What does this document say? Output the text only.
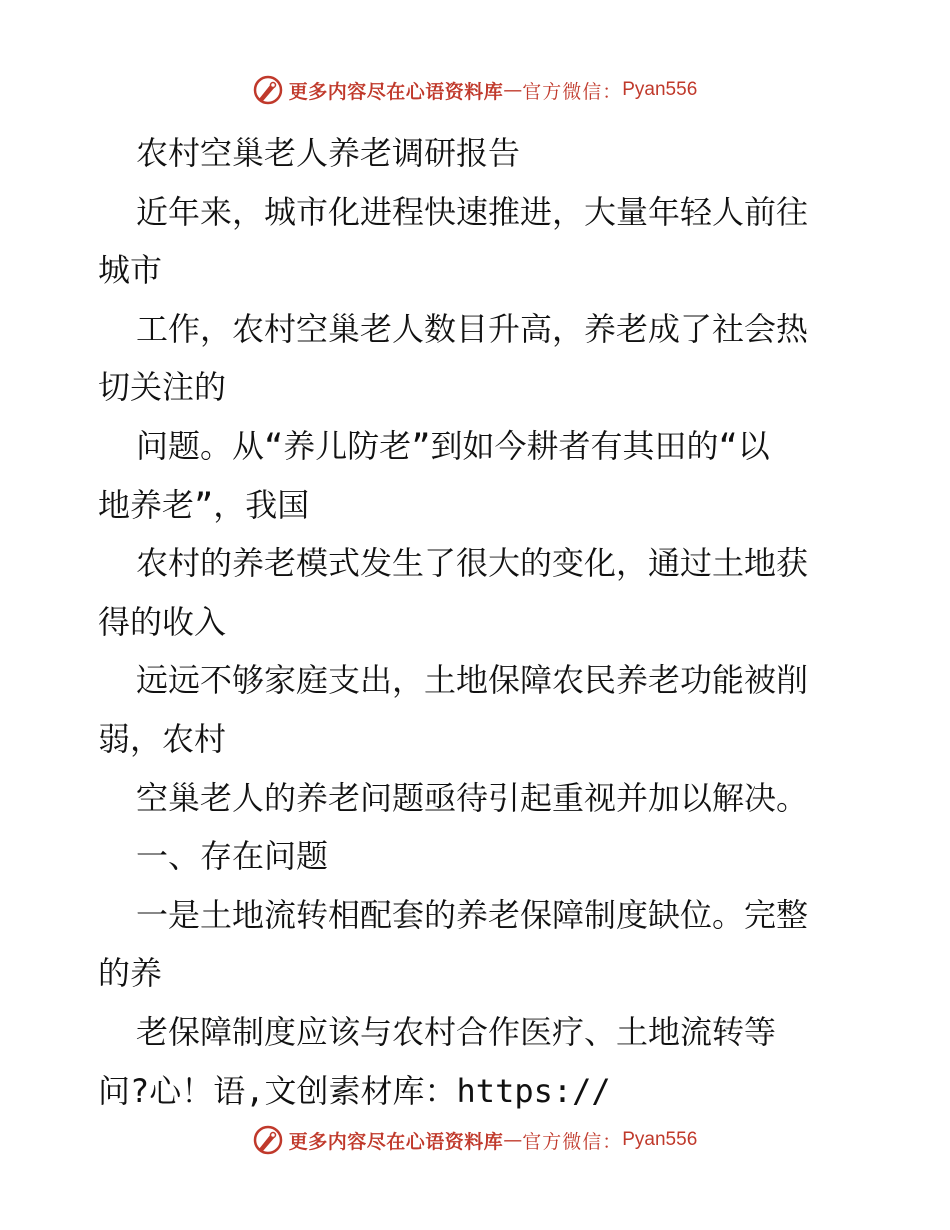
更多内容尽在心语资料库 — 官方微信： Pyan556
农村空巢老人养老调研报告
近年来，城市化进程快速推进，大量年轻人前往
城市
工作，农村空巢老人数目升高，养老成了社会热
切关注的
问题。从“养儿防老”到如今耕者有其田的“以
地养老”，我国
农村的养老模式发生了很大的变化，通过土地获
得的收入
远远不够家庭支出，土地保障农民养老功能被削
弱，农村
空巢老人的养老问题亟待引起重视并加以解决。
一、存在问题
一是土地流转相配套的养老保障制度缺位。完整
的养
老保障制度应该与农村合作医疗、土地流转等
问?心！语,文创素材库：https://
更多内容尽在心语资料库 — 官方微信： Pyan556
